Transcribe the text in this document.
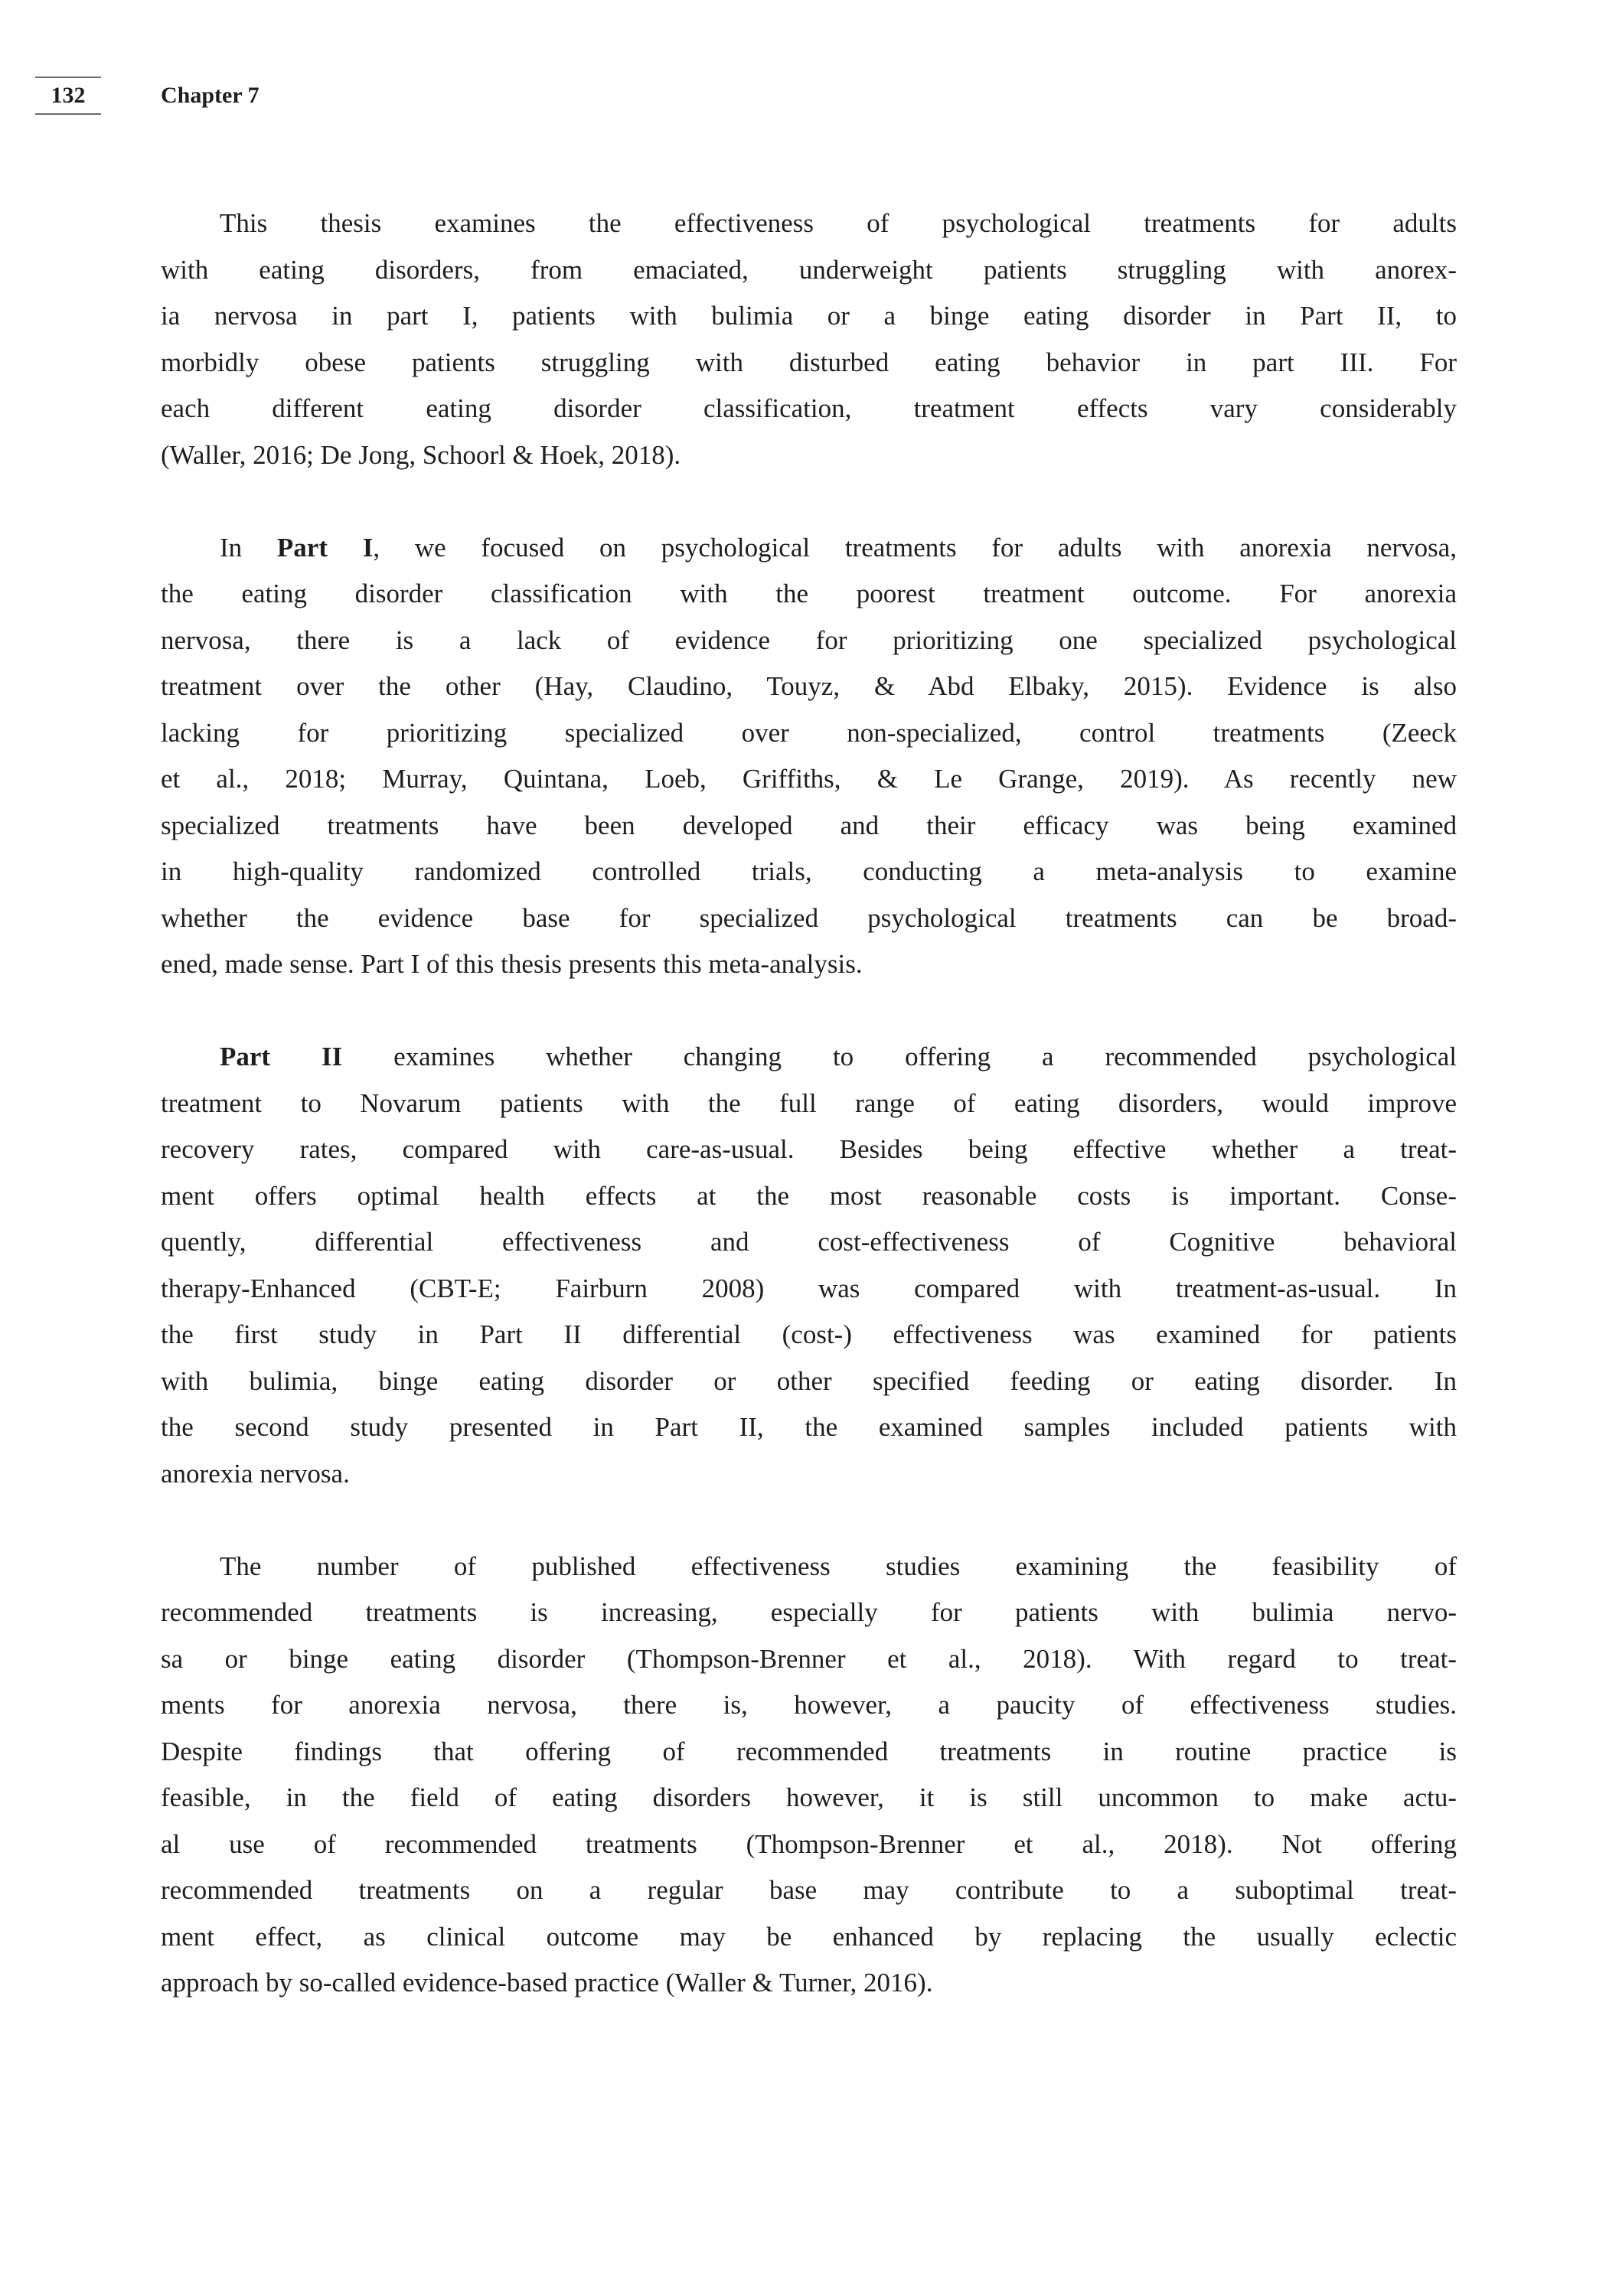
132	Chapter 7
This thesis examines the effectiveness of psychological treatments for adults
with eating disorders, from emaciated, underweight patients struggling with anorex-
ia nervosa in part I, patients with bulimia or a binge eating disorder in Part II, to
morbidly obese patients struggling with disturbed eating behavior in part III. For
each different eating disorder classification, treatment effects vary considerably
(Waller, 2016; De Jong, Schoorl & Hoek, 2018).
In Part I, we focused on psychological treatments for adults with anorexia nervosa,
the eating disorder classification with the poorest treatment outcome. For anorexia
nervosa, there is a lack of evidence for prioritizing one specialized psychological
treatment over the other (Hay, Claudino, Touyz, & Abd Elbaky, 2015). Evidence is also
lacking for prioritizing specialized over non-specialized, control treatments (Zeeck
et al., 2018; Murray, Quintana, Loeb, Griffiths, & Le Grange, 2019). As recently new
specialized treatments have been developed and their efficacy was being examined
in high-quality randomized controlled trials, conducting a meta-analysis to examine
whether the evidence base for specialized psychological treatments can be broad-
ened, made sense. Part I of this thesis presents this meta-analysis.
Part II examines whether changing to offering a recommended psychological
treatment to Novarum patients with the full range of eating disorders, would improve
recovery rates, compared with care-as-usual. Besides being effective whether a treat-
ment offers optimal health effects at the most reasonable costs is important. Conse-
quently, differential effectiveness and cost-effectiveness of Cognitive behavioral
therapy-Enhanced (CBT-E; Fairburn 2008) was compared with treatment-as-usual. In
the first study in Part II differential (cost-) effectiveness was examined for patients
with bulimia, binge eating disorder or other specified feeding or eating disorder. In
the second study presented in Part II, the examined samples included patients with
anorexia nervosa.
The number of published effectiveness studies examining the feasibility of
recommended treatments is increasing, especially for patients with bulimia nervo-
sa or binge eating disorder (Thompson-Brenner et al., 2018). With regard to treat-
ments for anorexia nervosa, there is, however, a paucity of effectiveness studies.
Despite findings that offering of recommended treatments in routine practice is
feasible, in the field of eating disorders however, it is still uncommon to make actu-
al use of recommended treatments (Thompson-Brenner et al., 2018). Not offering
recommended treatments on a regular base may contribute to a suboptimal treat-
ment effect, as clinical outcome may be enhanced by replacing the usually eclectic
approach by so-called evidence-based practice (Waller & Turner, 2016).
